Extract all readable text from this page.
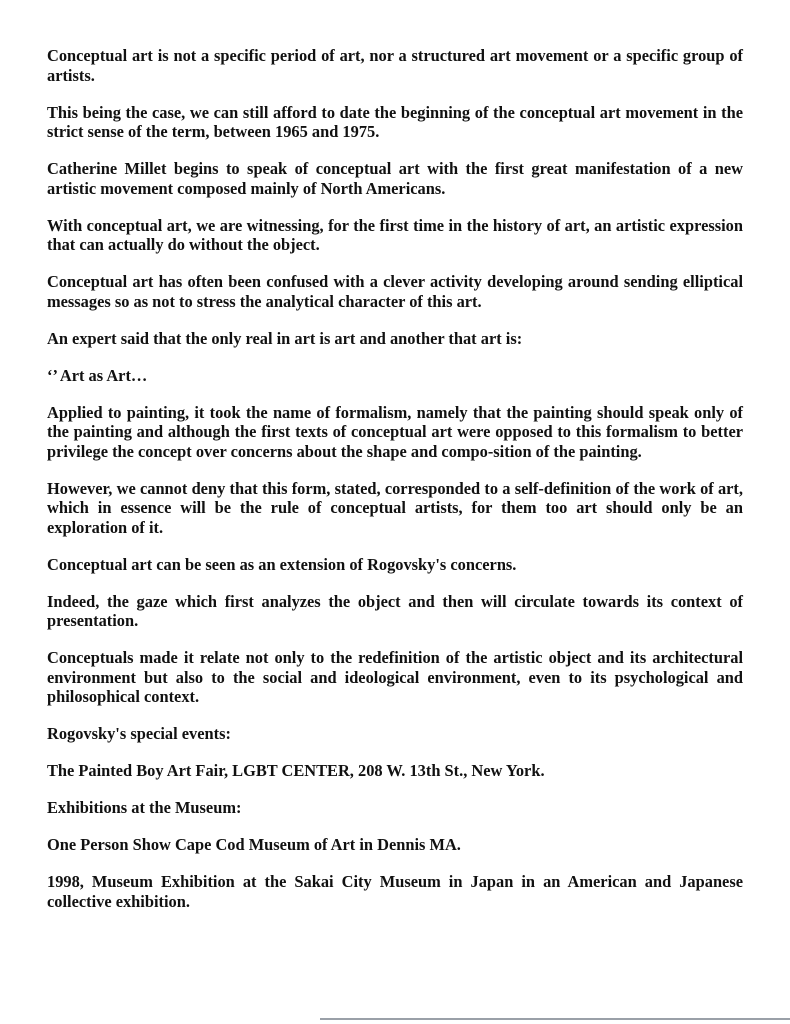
Conceptual art is not a specific period of art, nor a structured art movement or a specific group of artists.

This being the case, we can still afford to date the beginning of the conceptual art movement in the strict sense of the term, between 1965 and 1975.

Catherine Millet begins to speak of conceptual art with the first great manifestation of a new artistic movement composed mainly of North Americans.

With conceptual art, we are witnessing, for the first time in the history of art, an artistic expression that can actually do without the object.

Conceptual art has often been confused with a clever activity developing around sending elliptical messages so as not to stress the analytical character of this art.

An expert said that the only real in art is art and another that art is:

‘’ Art as Art…

Applied to painting, it took the name of formalism, namely that the painting should speak only of the painting and although the first texts of conceptual art were opposed to this formalism to better privilege the concept over concerns about the shape and compo-sition of the painting.

However, we cannot deny that this form, stated, corresponded to a self-definition of the work of art, which in essence will be the rule of conceptual artists, for them too art should only be an exploration of it.

Conceptual art can be seen as an extension of Rogovsky's concerns.

Indeed, the gaze which first analyzes the object and then will circulate towards its context of presentation.

Conceptuals made it relate not only to the redefinition of the artistic object and its architectural environment but also to the social and ideological environment, even to its psychological and philosophical context.

Rogovsky's special events:

The Painted Boy Art Fair, LGBT CENTER, 208 W. 13th St., New York.

Exhibitions at the Museum:

One Person Show Cape Cod Museum of Art in Dennis MA.

1998, Museum Exhibition at the Sakai City Museum in Japan in an American and Japanese collective exhibition.
